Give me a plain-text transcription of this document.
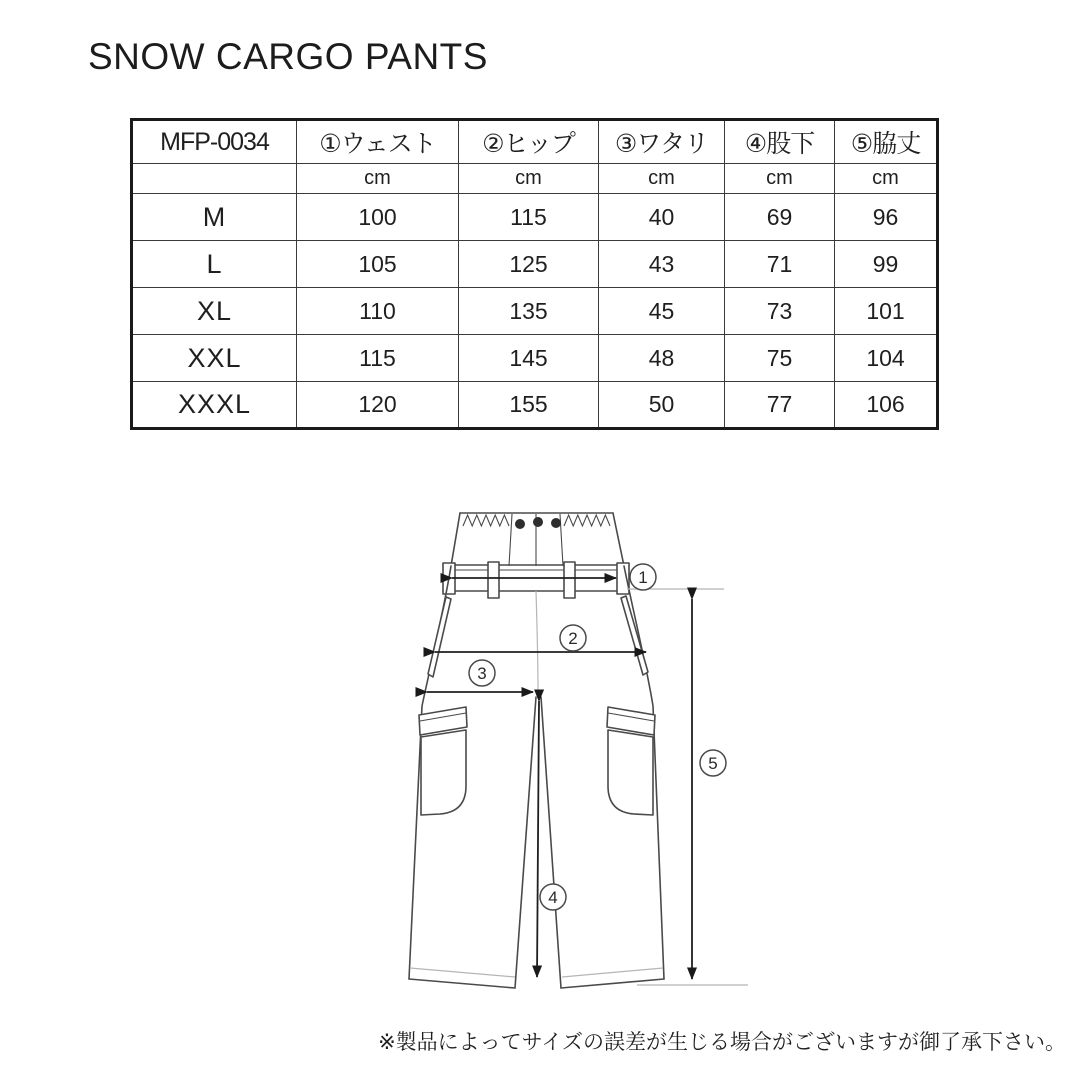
SNOW CARGO PANTS
MFP-0034	①ウェスト	②ヒップ	③ワタリ	④股下	⑤脇丈
	cm	cm	cm	cm	cm
M	100	115	40	69	96
L	105	125	43	71	99
XL	110	135	45	73	101
XXL	115	145	48	75	104
XXXL	120	155	50	77	106
1
2
3
4
5
※製品によってサイズの誤差が生じる場合がございますが御了承下さい。
